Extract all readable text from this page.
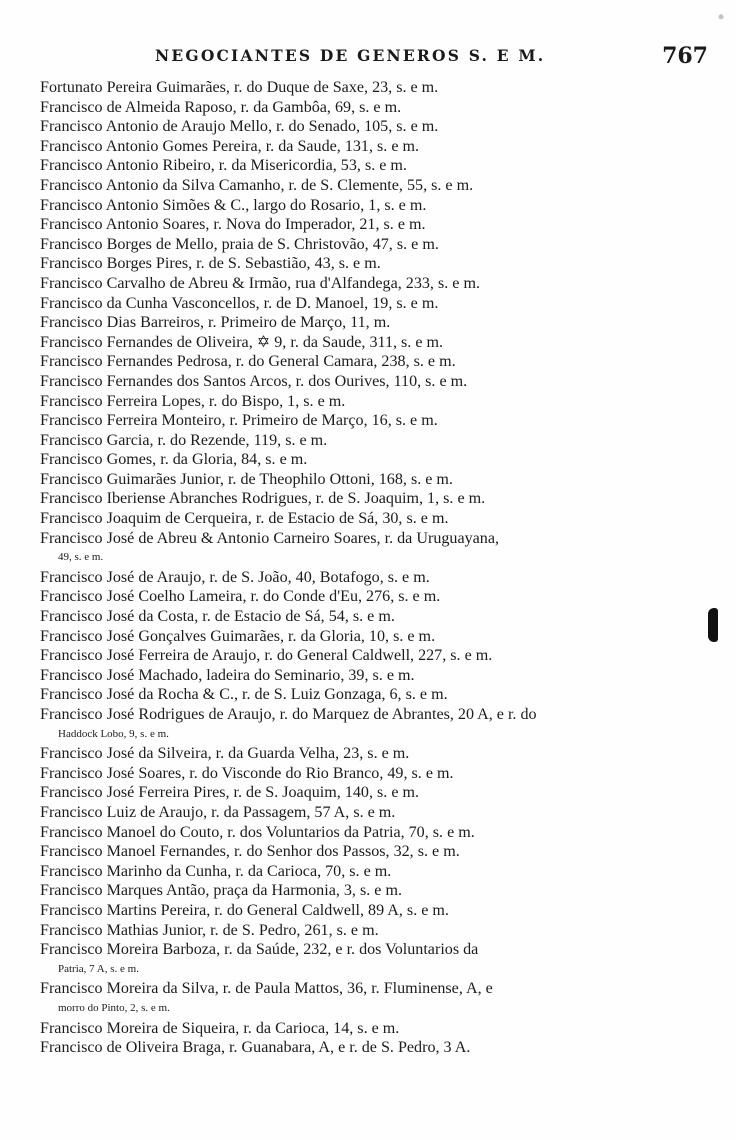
NEGOCIANTES DE GENEROS S. E M.	767
Fortunato Pereira Guimarães, r. do Duque de Saxe, 23, s. e m.
Francisco de Almeida Raposo, r. da Gambôa, 69, s. e m.
Francisco Antonio de Araujo Mello, r. do Senado, 105, s. e m.
Francisco Antonio Gomes Pereira, r. da Saude, 131, s. e m.
Francisco Antonio Ribeiro, r. da Misericordia, 53, s. e m.
Francisco Antonio da Silva Camanho, r. de S. Clemente, 55, s. e m.
Francisco Antonio Simões & C., largo do Rosario, 1, s. e m.
Francisco Antonio Soares, r. Nova do Imperador, 21, s. e m.
Francisco Borges de Mello, praia de S. Christovão, 47, s. e m.
Francisco Borges Pires, r. de S. Sebastião, 43, s. e m.
Francisco Carvalho de Abreu & Irmão, rua d'Alfandega, 233, s. e m.
Francisco da Cunha Vasconcellos, r. de D. Manoel, 19, s. e m.
Francisco Dias Barreiros, r. Primeiro de Março, 11, m.
Francisco Fernandes de Oliveira, ✡ 9, r. da Saude, 311, s. e m.
Francisco Fernandes Pedrosa, r. do General Camara, 238, s. e m.
Francisco Fernandes dos Santos Arcos, r. dos Ourives, 110, s. e m.
Francisco Ferreira Lopes, r. do Bispo, 1, s. e m.
Francisco Ferreira Monteiro, r. Primeiro de Março, 16, s. e m.
Francisco Garcia, r. do Rezende, 119, s. e m.
Francisco Gomes, r. da Gloria, 84, s. e m.
Francisco Guimarães Junior, r. de Theophilo Ottoni, 168, s. e m.
Francisco Iberiense Abranches Rodrigues, r. de S. Joaquim, 1, s. e m.
Francisco Joaquim de Cerqueira, r. de Estacio de Sá, 30, s. e m.
Francisco José de Abreu & Antonio Carneiro Soares, r. da Uruguayana,
49, s. e m.
Francisco José de Araujo, r. de S. João, 40, Botafogo, s. e m.
Francisco José Coelho Lameira, r. do Conde d'Eu, 276, s. e m.
Francisco José da Costa, r. de Estacio de Sá, 54, s. e m.
Francisco José Gonçalves Guimarães, r. da Gloria, 10, s. e m.
Francisco José Ferreira de Araujo, r. do General Caldwell, 227, s. e m.
Francisco José Machado, ladeira do Seminario, 39, s. e m.
Francisco José da Rocha & C., r. de S. Luiz Gonzaga, 6, s. e m.
Francisco José Rodrigues de Araujo, r. do Marquez de Abrantes, 20 A, e r. do
Haddock Lobo, 9, s. e m.
Francisco José da Silveira, r. da Guarda Velha, 23, s. e m.
Francisco José Soares, r. do Visconde do Rio Branco, 49, s. e m.
Francisco José Ferreira Pires, r. de S. Joaquim, 140, s. e m.
Francisco Luiz de Araujo, r. da Passagem, 57 A, s. e m.
Francisco Manoel do Couto, r. dos Voluntarios da Patria, 70, s. e m.
Francisco Manoel Fernandes, r. do Senhor dos Passos, 32, s. e m.
Francisco Marinho da Cunha, r. da Carioca, 70, s. e m.
Francisco Marques Antão, praça da Harmonia, 3, s. e m.
Francisco Martins Pereira, r. do General Caldwell, 89 A, s. e m.
Francisco Mathias Junior, r. de S. Pedro, 261, s. e m.
Francisco Moreira Barboza, r. da Saúde, 232, e r. dos Voluntarios da
Patria, 7 A, s. e m.
Francisco Moreira da Silva, r. de Paula Mattos, 36, r. Fluminense, A, e
morro do Pinto, 2, s. e m.
Francisco Moreira de Siqueira, r. da Carioca, 14, s. e m.
Francisco de Oliveira Braga, r. Guanabara, A, e r. de S. Pedro, 3 A.
